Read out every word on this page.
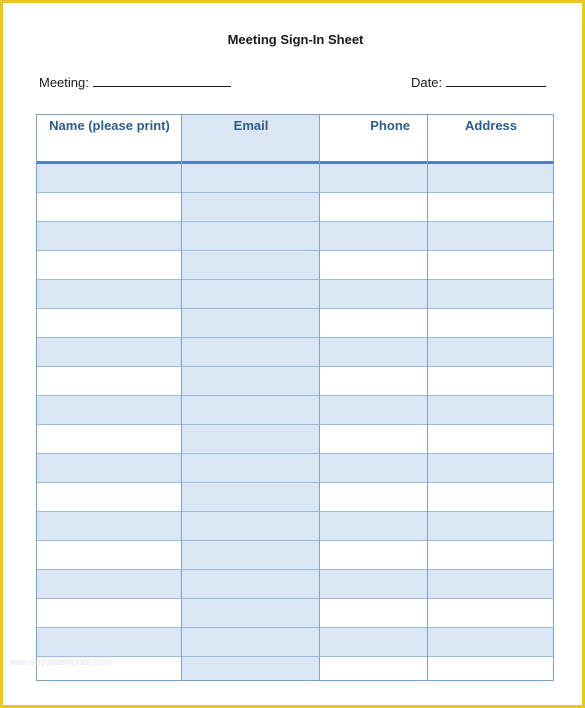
Meeting Sign-In Sheet
Meeting:	Date:
Name (please print)	Email	Phone	Address
www.anyoldtemplate.com
